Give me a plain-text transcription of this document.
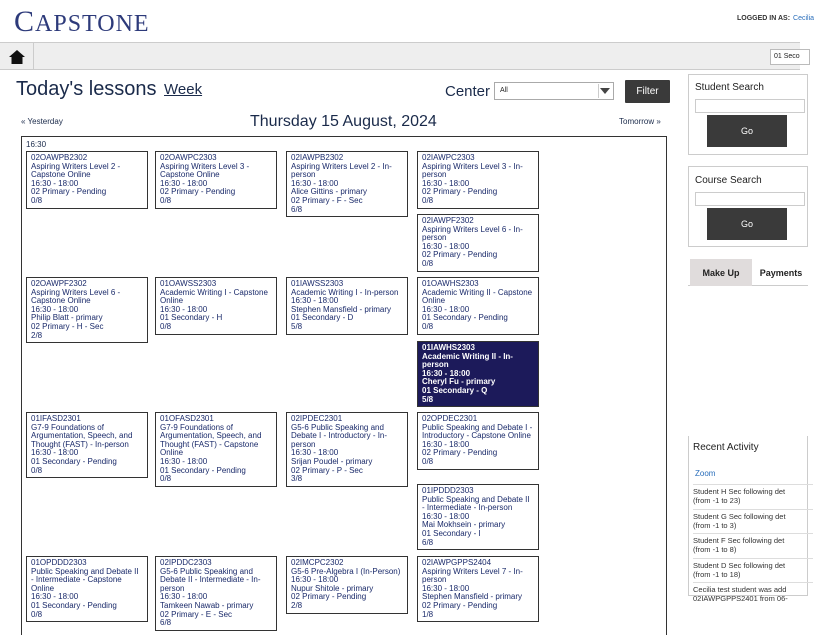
CAPSTONE	LOGGED IN AS: Cecilia
01 Seco
Today's lessons Week	Center	All	Filter
« Yesterday	Thursday 15 August, 2024	Tomorrow »
16:30
02OAWPB2302
Aspiring Writers Level 2 - Capstone Online
16:30 - 18:00
02 Primary - Pending
0/8
02OAWPC2303
Aspiring Writers Level 3 - Capstone Online
16:30 - 18:00
02 Primary - Pending
0/8
02IAWPB2302
Aspiring Writers Level 2 - In-person
16:30 - 18:00
Alice Gittins - primary
02 Primary - F - Sec
6/8
02IAWPC2303
Aspiring Writers Level 3 - In-person
16:30 - 18:00
02 Primary - Pending
0/8
02IAWPF2302
Aspiring Writers Level 6 - In-person
16:30 - 18:00
02 Primary - Pending
0/8
02OAWPF2302
Aspiring Writers Level 6 - Capstone Online
16:30 - 18:00
Philip Blatt - primary
02 Primary - H - Sec
2/8
01OAWSS2303
Academic Writing I - Capstone Online
16:30 - 18:00
01 Secondary - H
0/8
01IAWSS2303
Academic Writing I - In-person
16:30 - 18:00
Stephen Mansfield - primary
01 Secondary - D
5/8
01OAWHS2303
Academic Writing II - Capstone Online
16:30 - 18:00
01 Secondary - Pending
0/8
01IAWHS2303
Academic Writing II - In-person
16:30 - 18:00
Cheryl Fu - primary
01 Secondary - Q
5/8
01IFASD2301
G7-9 Foundations of Argumentation, Speech, and Thought (FAST) - In-person
16:30 - 18:00
01 Secondary - Pending
0/8
01OFASD2301
G7-9 Foundations of Argumentation, Speech, and Thought (FAST) - Capstone Online
16:30 - 18:00
01 Secondary - Pending
0/8
02IPDEC2301
G5-6 Public Speaking and Debate I - Introductory - In-person
16:30 - 18:00
Srijan Poudel - primary
02 Primary - P - Sec
3/8
02OPDEC2301
Public Speaking and Debate I - Introductory - Capstone Online
16:30 - 18:00
02 Primary - Pending
0/8
01IPDDD2303
Public Speaking and Debate II - Intermediate - In-person
16:30 - 18:00
Mai Mokhsein - primary
01 Secondary - I
6/8
01OPDDD2303
Public Speaking and Debate II - Intermediate - Capstone Online
16:30 - 18:00
01 Secondary - Pending
0/8
02IPDDC2303
G5-6 Public Speaking and Debate II - Intermediate - In-person
16:30 - 18:00
Tamkeen Nawab - primary
02 Primary - E - Sec
6/8
02IMCPC2302
G5-6 Pre-Algebra I (In-Person)
16:30 - 18:00
Nupur Shitole - primary
02 Primary - Pending
2/8
02IAWPGPPS2404
Aspiring Writers Level 7 - In-person
16:30 - 18:00
Stephen Mansfield - primary
02 Primary - Pending
1/8
Student Search
Go
Course Search
Go
Make Up	Payments
Recent Activity
Zoom
Student H Sec following det
(from -1 to 23)
Student G Sec following det
(from -1 to 3)
Student F Sec following det
(from -1 to 8)
Student D Sec following det
(from -1 to 18)
Cecilia test student was add
02IAWPGPPS2401 from 06-
